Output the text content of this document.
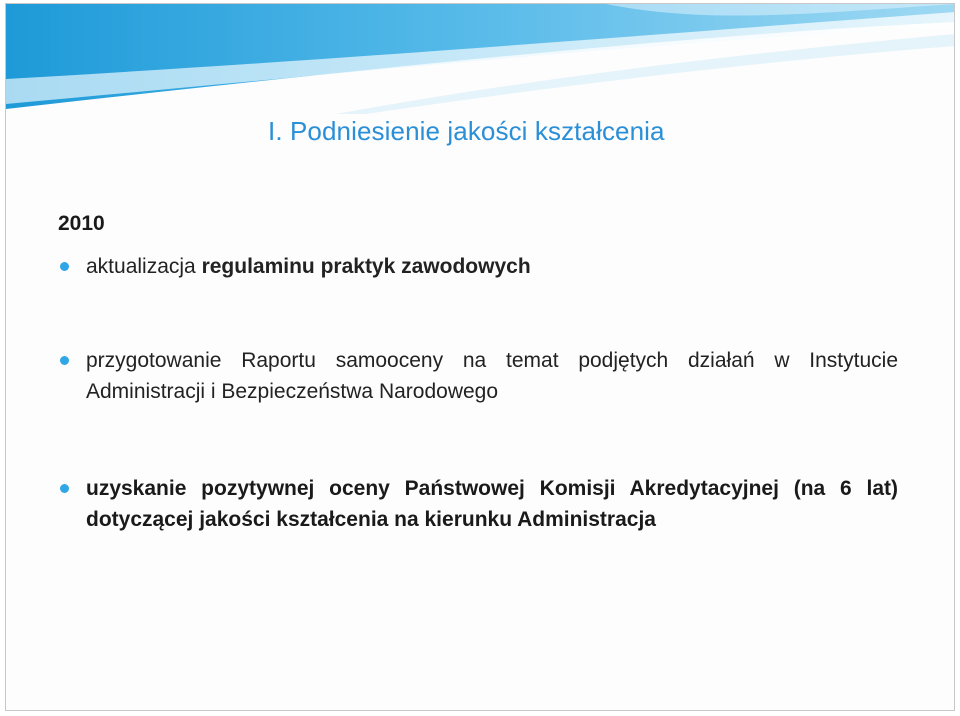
I. Podniesienie jakości kształcenia
2010
aktualizacja regulaminu praktyk zawodowych
przygotowanie Raportu samooceny na temat podjętych działań w Instytucie Administracji i Bezpieczeństwa Narodowego
uzyskanie pozytywnej oceny Państwowej Komisji Akredytacyjnej (na 6 lat) dotyczącej jakości kształcenia na kierunku Administracja
